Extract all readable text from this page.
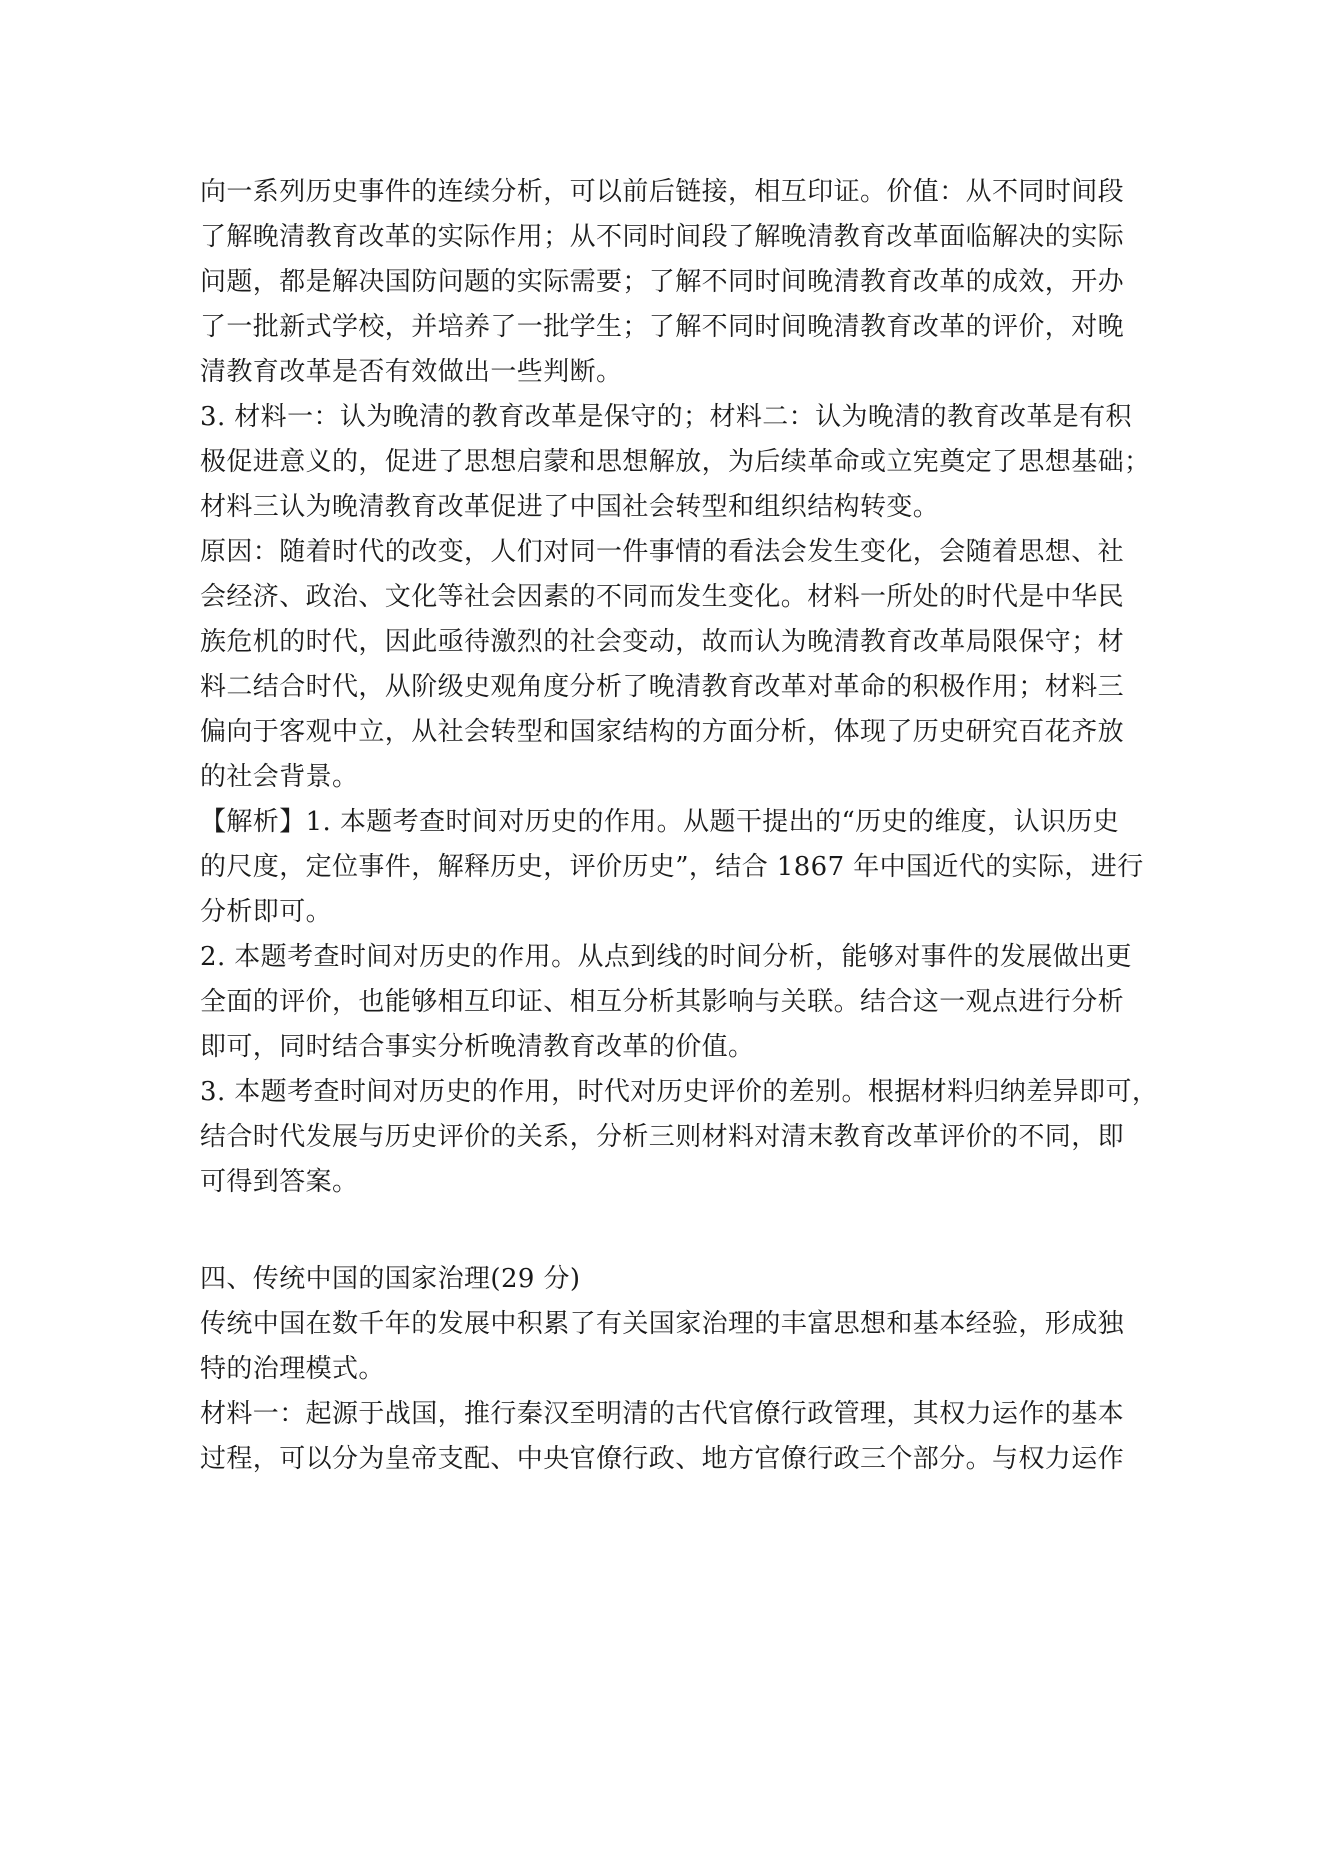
向一系列历史事件的连续分析，可以前后链接，相互印证。价值：从不同时间段
了解晚清教育改革的实际作用；从不同时间段了解晚清教育改革面临解决的实际
问题，都是解决国防问题的实际需要；了解不同时间晚清教育改革的成效，开办
了一批新式学校，并培养了一批学生；了解不同时间晚清教育改革的评价，对晚
清教育改革是否有效做出一些判断。
3. 材料一：认为晚清的教育改革是保守的；材料二：认为晚清的教育改革是有积
极促进意义的，促进了思想启蒙和思想解放，为后续革命或立宪奠定了思想基础；
材料三认为晚清教育改革促进了中国社会转型和组织结构转变。
原因：随着时代的改变，人们对同一件事情的看法会发生变化，会随着思想、社
会经济、政治、文化等社会因素的不同而发生变化。材料一所处的时代是中华民
族危机的时代，因此亟待激烈的社会变动，故而认为晚清教育改革局限保守；材
料二结合时代，从阶级史观角度分析了晚清教育改革对革命的积极作用；材料三
偏向于客观中立，从社会转型和国家结构的方面分析，体现了历史研究百花齐放
的社会背景。
【解析】1. 本题考查时间对历史的作用。从题干提出的“历史的维度，认识历史
的尺度，定位事件，解释历史，评价历史”，结合 1867 年中国近代的实际，进行
分析即可。
2. 本题考查时间对历史的作用。从点到线的时间分析，能够对事件的发展做出更
全面的评价，也能够相互印证、相互分析其影响与关联。结合这一观点进行分析
即可，同时结合事实分析晚清教育改革的价值。
3. 本题考查时间对历史的作用，时代对历史评价的差别。根据材料归纳差异即可，
结合时代发展与历史评价的关系，分析三则材料对清末教育改革评价的不同，即
可得到答案。
四、传统中国的国家治理(29 分)
传统中国在数千年的发展中积累了有关国家治理的丰富思想和基本经验，形成独
特的治理模式。
材料一：起源于战国，推行秦汉至明清的古代官僚行政管理，其权力运作的基本
过程，可以分为皇帝支配、中央官僚行政、地方官僚行政三个部分。与权力运作
